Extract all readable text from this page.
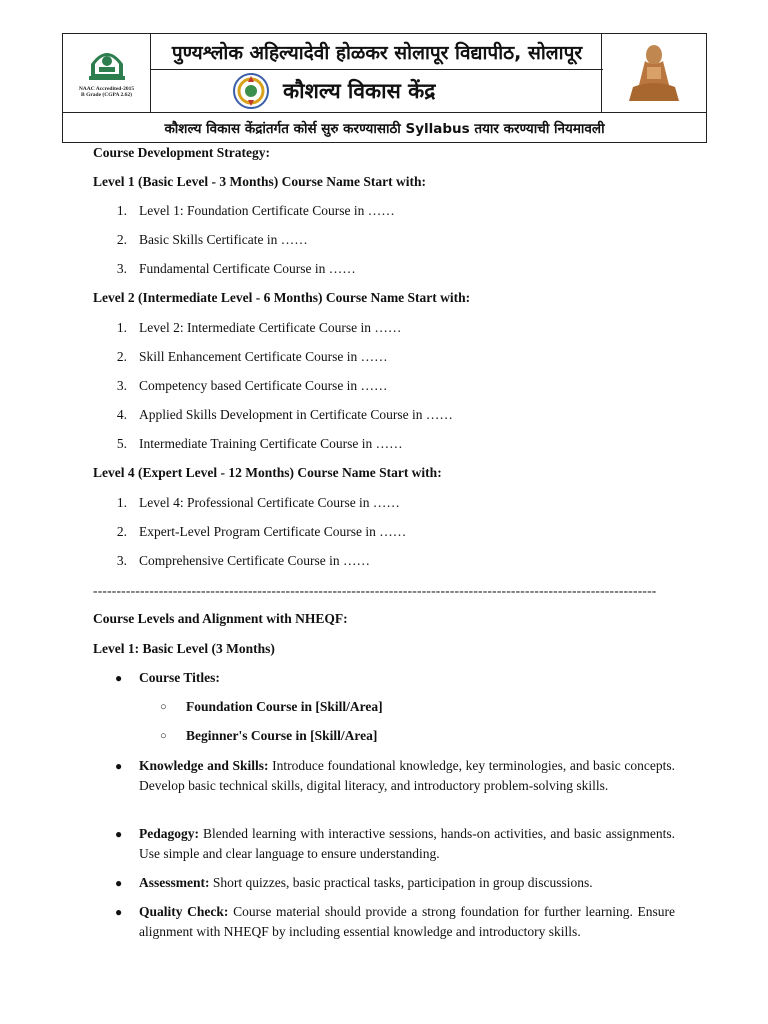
NAAC Accredited-2015
B Grade (CGPA 2.62)
पुण्यश्लोक अहिल्यादेवी होळकर सोलापूर विद्यापीठ, सोलापूर
कौशल्य विकास केंद्र
कौशल्य विकास केंद्रांतर्गत कोर्स सुरु करण्यासाठी Syllabus तयार करण्याची नियमावली
Course Development Strategy:
Level 1 (Basic Level - 3 Months) Course Name Start with:
1. Level 1: Foundation Certificate Course in ……
2. Basic Skills Certificate in ……
3. Fundamental Certificate Course in ……
Level 2 (Intermediate Level - 6 Months) Course Name Start with:
1. Level 2: Intermediate Certificate Course in ……
2. Skill Enhancement Certificate Course in ……
3. Competency based Certificate Course in ……
4. Applied Skills Development in Certificate Course in ……
5. Intermediate Training Certificate Course in ……
Level 4 (Expert Level - 12 Months) Course Name Start with:
1. Level 4: Professional Certificate Course in ……
2. Expert-Level Program Certificate Course in ……
3. Comprehensive Certificate Course in ……
------------------------------------------------------------------------------------------------------------------------
Course Levels and Alignment with NHEQF:
Level 1: Basic Level (3 Months)
● Course Titles:
○ Foundation Course in [Skill/Area]
○ Beginner's Course in [Skill/Area]
● Knowledge and Skills: Introduce foundational knowledge, key terminologies, and basic concepts. Develop basic technical skills, digital literacy, and introductory problem-solving skills.
● Pedagogy: Blended learning with interactive sessions, hands-on activities, and basic assignments. Use simple and clear language to ensure understanding.
● Assessment: Short quizzes, basic practical tasks, participation in group discussions.
● Quality Check: Course material should provide a strong foundation for further learning. Ensure alignment with NHEQF by including essential knowledge and introductory skills.
